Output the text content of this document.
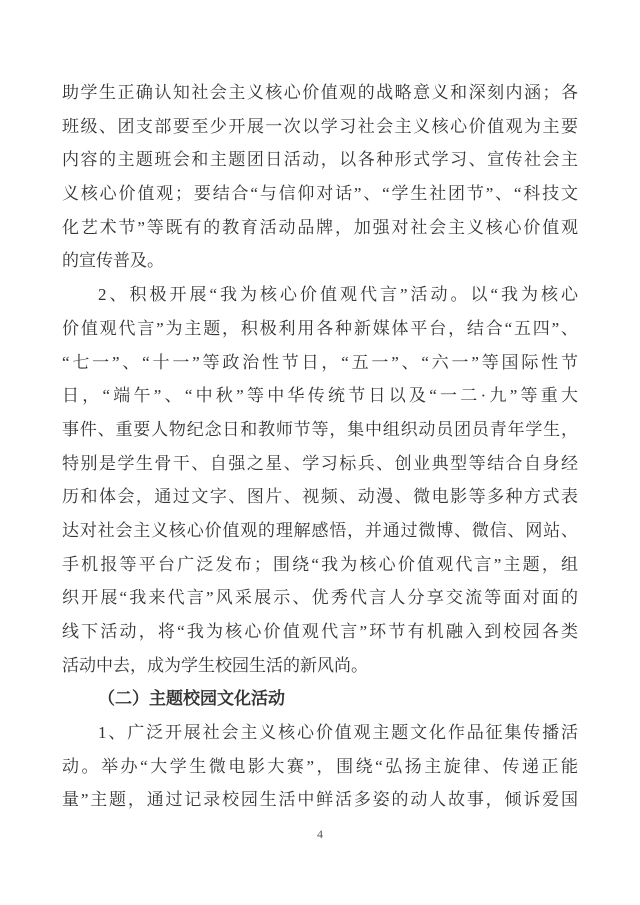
助学生正确认知社会主义核心价值观的战略意义和深刻内涵；各
班级、团支部要至少开展一次以学习社会主义核心价值观为主要
内容的主题班会和主题团日活动，以各种形式学习、宣传社会主
义核心价值观；要结合“与信仰对话”、“学生社团节”、“科技文
化艺术节”等既有的教育活动品牌，加强对社会主义核心价值观
的宣传普及。
2、积极开展“我为核心价值观代言”活动。以“我为核心
价值观代言”为主题，积极利用各种新媒体平台，结合“五四”、
“七一”、“十一”等政治性节日，“五一”、“六一”等国际性节
日，“端午”、“中秋”等中华传统节日以及“一二·九”等重大
事件、重要人物纪念日和教师节等，集中组织动员团员青年学生，
特别是学生骨干、自强之星、学习标兵、创业典型等结合自身经
历和体会，通过文字、图片、视频、动漫、微电影等多种方式表
达对社会主义核心价值观的理解感悟，并通过微博、微信、网站、
手机报等平台广泛发布；围绕“我为核心价值观代言”主题，组
织开展“我来代言”风采展示、优秀代言人分享交流等面对面的
线下活动，将“我为核心价值观代言”环节有机融入到校园各类
活动中去，成为学生校园生活的新风尚。
（二）主题校园文化活动
1、广泛开展社会主义核心价值观主题文化作品征集传播活
动。举办“大学生微电影大赛”，围绕“弘扬主旋律、传递正能
量”主题，通过记录校园生活中鲜活多姿的动人故事，倾诉爱国
4
